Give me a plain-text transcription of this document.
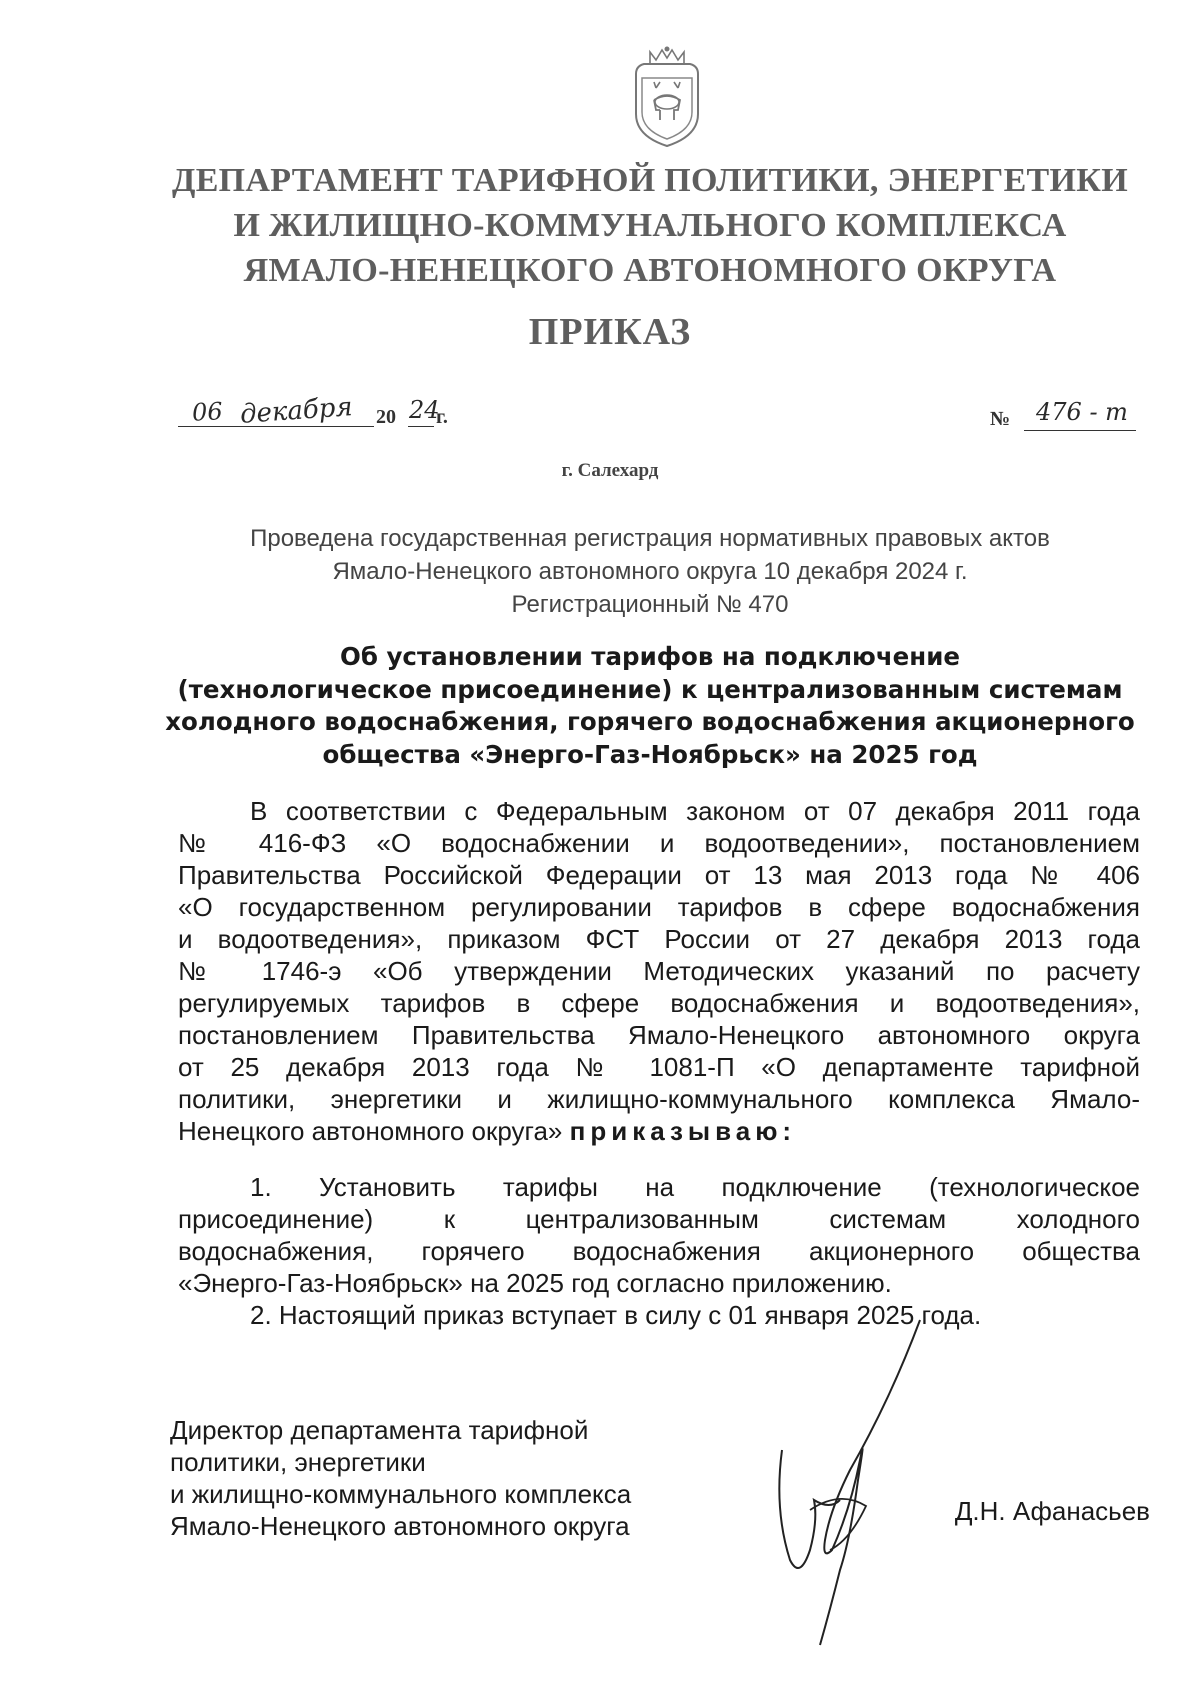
ДЕПАРТАМЕНТ ТАРИФНОЙ ПОЛИТИКИ, ЭНЕРГЕТИКИ
И ЖИЛИЩНО-КОММУНАЛЬНОГО КОМПЛЕКСА
ЯМАЛО-НЕНЕЦКОГО АВТОНОМНОГО ОКРУГА
ПРИКАЗ
06 декабря 20 24
г.	№ 476 - т
г. Салехард
Проведена государственная регистрация нормативных правовых актов
Ямало-Ненецкого автономного округа 10 декабря 2024 г.
Регистрационный № 470
Об установлении тарифов на подключение
(технологическое присоединение) к централизованным системам
холодного водоснабжения, горячего водоснабжения акционерного
общества «Энерго-Газ-Ноябрьск» на 2025 год
В соответствии с Федеральным законом от 07 декабря 2011 года
№ 416-ФЗ «О водоснабжении и водоотведении», постановлением
Правительства Российской Федерации от 13 мая 2013 года № 406
«О государственном регулировании тарифов в сфере водоснабжения
и водоотведения», приказом ФСТ России от 27 декабря 2013 года
№ 1746-э «Об утверждении Методических указаний по расчету
регулируемых тарифов в сфере водоснабжения и водоотведения»,
постановлением Правительства Ямало-Ненецкого автономного округа
от 25 декабря 2013 года № 1081-П «О департаменте тарифной
политики, энергетики и жилищно-коммунального комплекса Ямало-
Ненецкого автономного округа» приказываю:
1. Установить тарифы на подключение (технологическое
присоединение) к централизованным системам холодного
водоснабжения, горячего водоснабжения акционерного общества
«Энерго-Газ-Ноябрьск» на 2025 год согласно приложению.
2. Настоящий приказ вступает в силу с 01 января 2025 года.
Директор департамента тарифной
политики, энергетики
и жилищно-коммунального комплекса
Ямало-Ненецкого автономного округа	Д.Н. Афанасьев
